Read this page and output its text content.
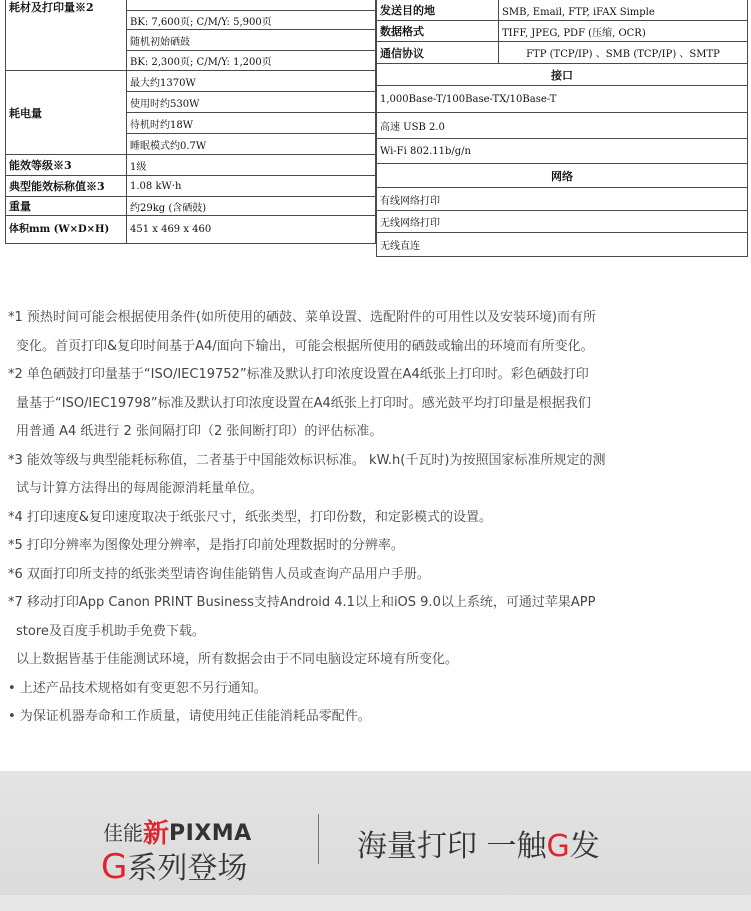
耗材及打印量※2	
	BK: 7,600页; C/M/Y: 5,900页
	随机初始硒鼓
	BK: 2,300页; C/M/Y: 1,200页
耗电量	最大约1370W
	使用时约530W
	待机时约18W
	睡眠模式约0.7W
能效等级※3	1级
典型能效标称值※3	1.08 kW·h
重量	约29kg (含硒鼓)
体积mm (W×D×H)	451 x 469 x 460
发送目的地	SMB, Email, FTP, iFAX Simple
数据格式	TIFF, JPEG, PDF (压缩, OCR)
通信协议	FTP (TCP/IP) 、SMB (TCP/IP) 、SMTP
接口	
1,000Base-T/100Base-TX/10Base-T	
高速 USB 2.0	
Wi-Fi 802.11b/g/n	
网络	
有线网络打印	
无线网络打印	
无线直连	
*1 预热时间可能会根据使用条件(如所使用的硒鼓、菜单设置、选配附件的可用性以及安装环境)而有所
变化。首页打印&复印时间基于A4/面向下输出，可能会根据所使用的硒鼓或输出的环境而有所变化。
*2 单色硒鼓打印量基于“ISO/IEC19752”标准及默认打印浓度设置在A4纸张上打印时。彩色硒鼓打印
量基于“ISO/IEC19798”标准及默认打印浓度设置在A4纸张上打印时。感光鼓平均打印量是根据我们
用普通 A4 纸进行 2 张间隔打印（2 张间断打印）的评估标准。
*3 能效等级与典型能耗标称值，二者基于中国能效标识标准。 kW.h(千瓦时)为按照国家标准所规定的测
试与计算方法得出的每周能源消耗量单位。
*4 打印速度&复印速度取决于纸张尺寸，纸张类型，打印份数，和定影模式的设置。
*5 打印分辨率为图像处理分辨率，是指打印前处理数据时的分辨率。
*6 双面打印所支持的纸张类型请咨询佳能销售人员或查询产品用户手册。
*7 移动打印App Canon PRINT Business支持Android 4.1以上和iOS 9.0以上系统，可通过苹果APP
store及百度手机助手免费下载。
以上数据皆基于佳能测试环境，所有数据会由于不同电脑设定环境有所变化。
• 上述产品技术规格如有变更恕不另行通知。
• 为保证机器寿命和工作质量，请使用纯正佳能消耗品零配件。
佳能新PIXMA
G系列登场
海量打印 一触G发
